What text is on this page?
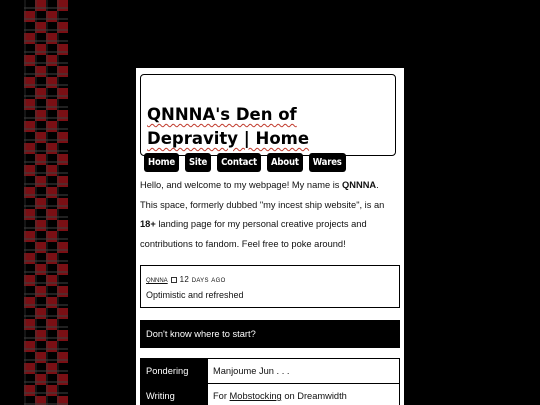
QNNNA's Den of Depravity | Home
Home	Site	Contact	About	Wares

Hello, and welcome to my webpage! My name is QNNNA. This space, formerly dubbed "my incest ship website", is an 18+ landing page for my personal creative projects and contributions to fandom. Feel free to poke around!

qnnna 12 days ago
Optimistic and refreshed
Don't know where to start?
Pondering	Manjoume Jun . . .
Writing	For Mobstocking on Dreamwidth
